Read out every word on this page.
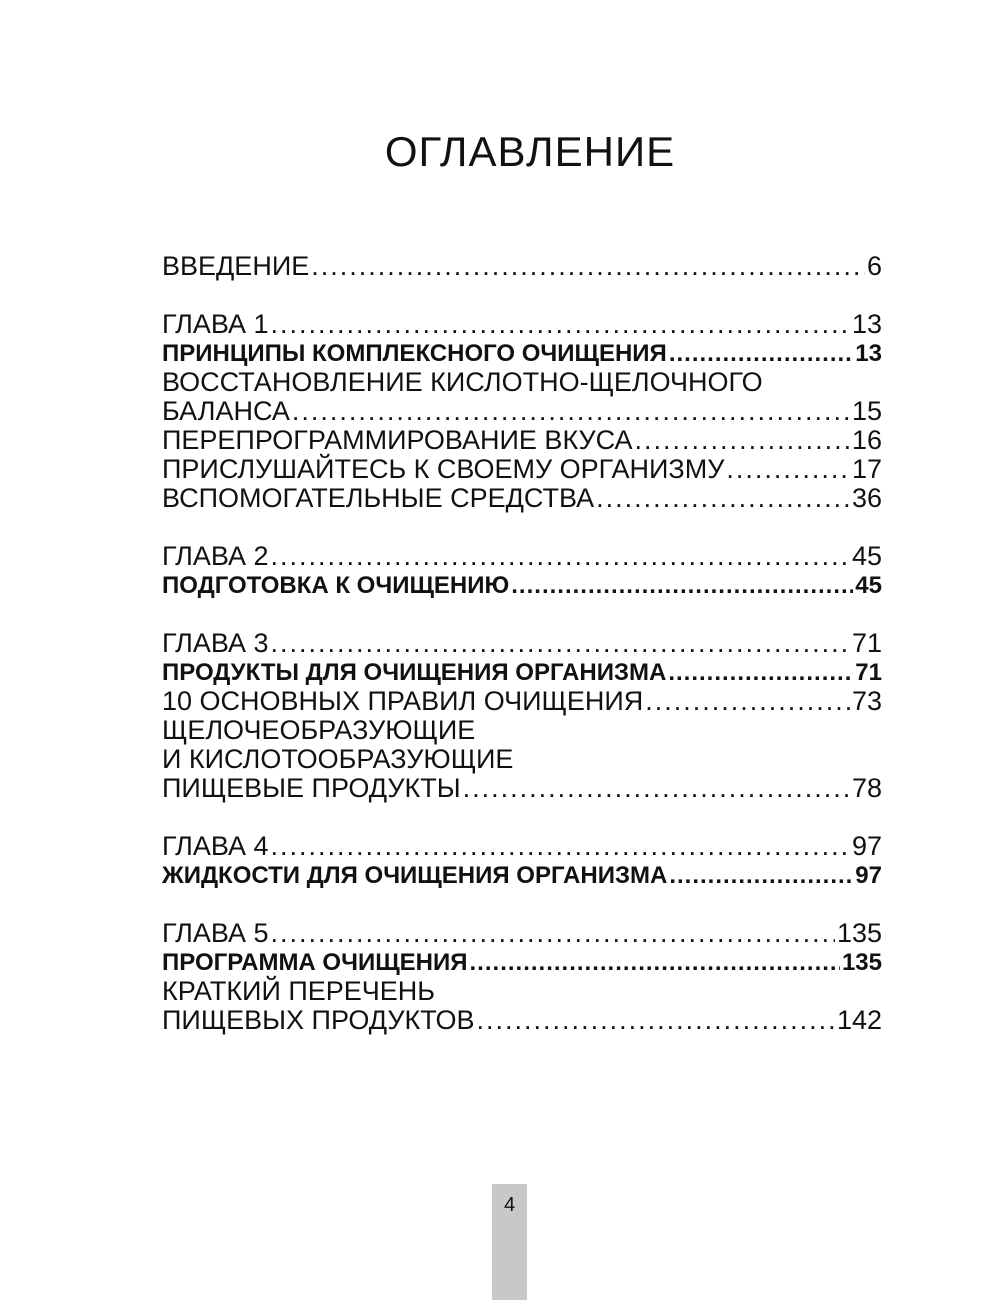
ОГЛАВЛЕНИЕ
ВВЕДЕНИЕ .....	6
ГЛАВА 1 .....	13
ПРИНЦИПЫ КОМПЛЕКСНОГО ОЧИЩЕНИЯ .....	13
ВОССТАНОВЛЕНИЕ КИСЛОТНО-ЩЕЛОЧНОГО
БАЛАНСА .....	15
ПЕРЕПРОГРАММИРОВАНИЕ ВКУСА .....	16
ПРИСЛУШАЙТЕСЬ К СВОЕМУ ОРГАНИЗМУ .....	17
ВСПОМОГАТЕЛЬНЫЕ СРЕДСТВА .....	36
ГЛАВА 2 .....	45
ПОДГОТОВКА К ОЧИЩЕНИЮ .....	45
ГЛАВА 3 .....	71
ПРОДУКТЫ ДЛЯ ОЧИЩЕНИЯ ОРГАНИЗМА .....	71
10 ОСНОВНЫХ ПРАВИЛ ОЧИЩЕНИЯ .....	73
ЩЕЛОЧЕОБРАЗУЮЩИЕ
И КИСЛОТООБРАЗУЮЩИЕ
ПИЩЕВЫЕ ПРОДУКТЫ .....	78
ГЛАВА 4 .....	97
ЖИДКОСТИ ДЛЯ ОЧИЩЕНИЯ ОРГАНИЗМА .....	97
ГЛАВА 5 .....	135
ПРОГРАММА ОЧИЩЕНИЯ .....	135
КРАТКИЙ ПЕРЕЧЕНЬ
ПИЩЕВЫХ ПРОДУКТОВ .....	142
4
